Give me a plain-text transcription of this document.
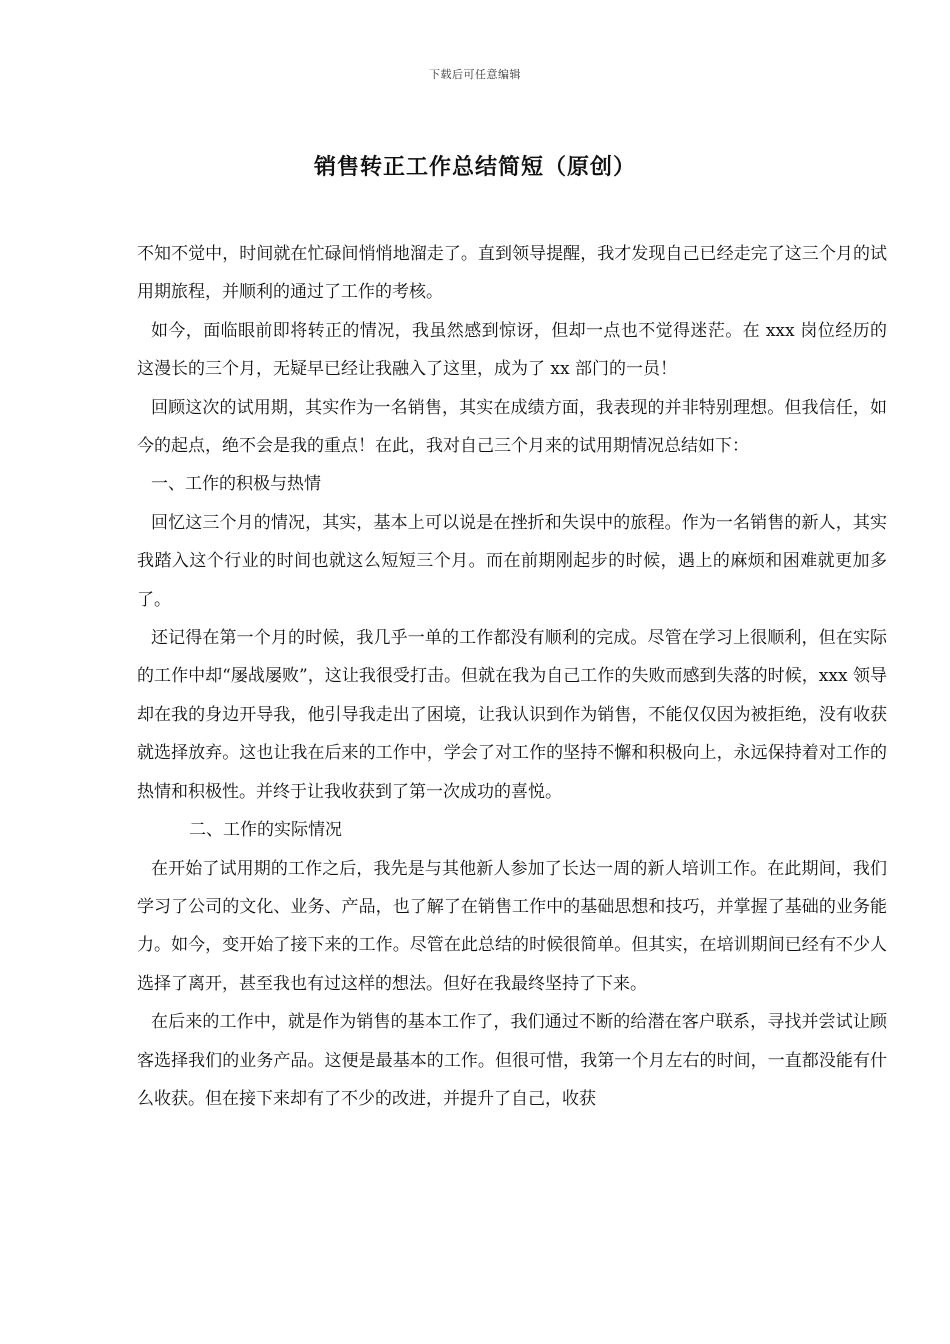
下载后可任意编辑
销售转正工作总结简短（原创）

不知不觉中，时间就在忙碌间悄悄地溜走了。直到领导提醒，我才发现自己已经走完了这三个月的试用期旅程，并顺利的通过了工作的考核。

如今，面临眼前即将转正的情况，我虽然感到惊讶，但却一点也不觉得迷茫。在 xxx 岗位经历的这漫长的三个月，无疑早已经让我融入了这里，成为了 xx 部门的一员！

回顾这次的试用期，其实作为一名销售，其实在成绩方面，我表现的并非特别理想。但我信任，如今的起点，绝不会是我的重点！在此，我对自己三个月来的试用期情况总结如下：

一、工作的积极与热情

回忆这三个月的情况，其实，基本上可以说是在挫折和失误中的旅程。作为一名销售的新人，其实我踏入这个行业的时间也就这么短短三个月。而在前期刚起步的时候，遇上的麻烦和困难就更加多了。

还记得在第一个月的时候，我几乎一单的工作都没有顺利的完成。尽管在学习上很顺利，但在实际的工作中却“屡战屡败”，这让我很受打击。但就在我为自己工作的失败而感到失落的时候，xxx 领导却在我的身边开导我，他引导我走出了困境，让我认识到作为销售，不能仅仅因为被拒绝，没有收获就选择放弃。这也让我在后来的工作中，学会了对工作的坚持不懈和积极向上，永远保持着对工作的热情和积极性。并终于让我收获到了第一次成功的喜悦。

二、工作的实际情况

在开始了试用期的工作之后，我先是与其他新人参加了长达一周的新人培训工作。在此期间，我们学习了公司的文化、业务、产品，也了解了在销售工作中的基础思想和技巧，并掌握了基础的业务能力。如今，变开始了接下来的工作。尽管在此总结的时候很简单。但其实，在培训期间已经有不少人选择了离开，甚至我也有过这样的想法。但好在我最终坚持了下来。

在后来的工作中，就是作为销售的基本工作了，我们通过不断的给潜在客户联系，寻找并尝试让顾客选择我们的业务产品。这便是最基本的工作。但很可惜，我第一个月左右的时间，一直都没能有什么收获。但在接下来却有了不少的改进，并提升了自己，收获
